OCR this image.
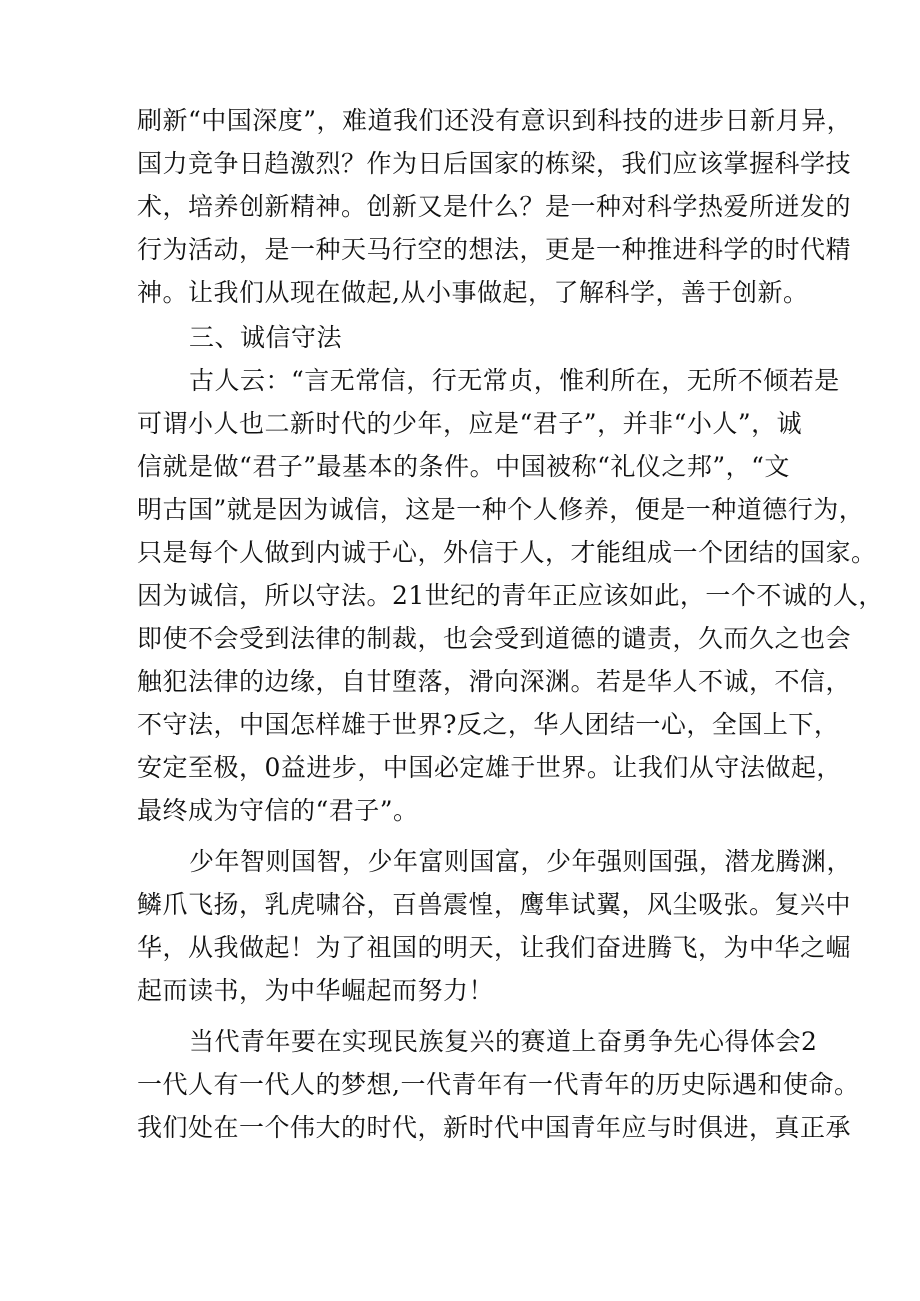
刷新“中国深度”，难道我们还没有意识到科技的进步日新月异，
国力竞争日趋激烈？作为日后国家的栋梁，我们应该掌握科学技
术，培养创新精神。创新又是什么？是一种对科学热爱所迸发的
行为活动，是一种天马行空的想法，更是一种推进科学的时代精
神。让我们从现在做起,从小事做起，了解科学，善于创新。
三、诚信守法
古人云：“言无常信，行无常贞，惟利所在，无所不倾若是
可谓小人也二新时代的少年，应是“君子”，并非“小人”，诚
信就是做“君子”最基本的条件。中国被称“礼仪之邦”，“文
明古国”就是因为诚信，这是一种个人修养，便是一种道德行为，
只是每个人做到内诚于心，外信于人，才能组成一个团结的国家。
因为诚信，所以守法。21世纪的青年正应该如此，一个不诚的人，
即使不会受到法律的制裁，也会受到道德的谴责，久而久之也会
触犯法律的边缘，自甘堕落，滑向深渊。若是华人不诚，不信，
不守法，中国怎样雄于世界?反之，华人团结一心，全国上下，
安定至极，0益进步，中国必定雄于世界。让我们从守法做起，
最终成为守信的“君子”。
少年智则国智，少年富则国富，少年强则国强，潜龙腾渊，
鳞爪飞扬，乳虎啸谷，百兽震惶，鹰隼试翼，风尘吸张。复兴中
华，从我做起！为了祖国的明天，让我们奋进腾飞，为中华之崛
起而读书，为中华崛起而努力！
当代青年要在实现民族复兴的赛道上奋勇争先心得体会2
一代人有一代人的梦想,一代青年有一代青年的历史际遇和使命。
我们处在一个伟大的时代，新时代中国青年应与时俱进，真正承
